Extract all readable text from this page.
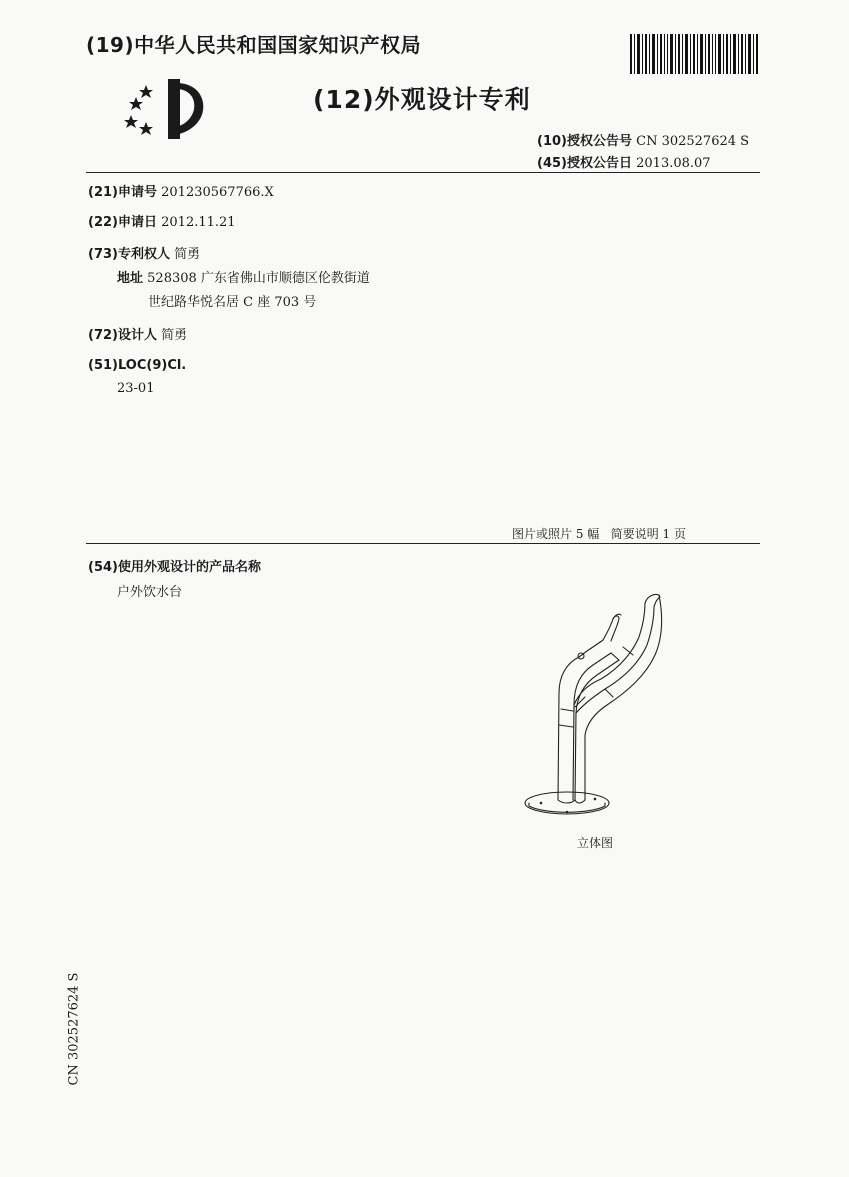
(19)中华人民共和国国家知识产权局
(12)外观设计专利
(10)授权公告号 CN 302527624 S
(45)授权公告日 2013.08.07
(21)申请号 201230567766.X
(22)申请日 2012.11.21
(73)专利权人 简勇
地址 528308 广东省佛山市顺德区伦教街道
世纪路华悦名居 C 座 703 号
(72)设计人 简勇
(51)LOC(9)Cl.
23-01
图片或照片 5 幅   简要说明 1 页
(54)使用外观设计的产品名称
户外饮水台
立体图
CN 302527624 S
